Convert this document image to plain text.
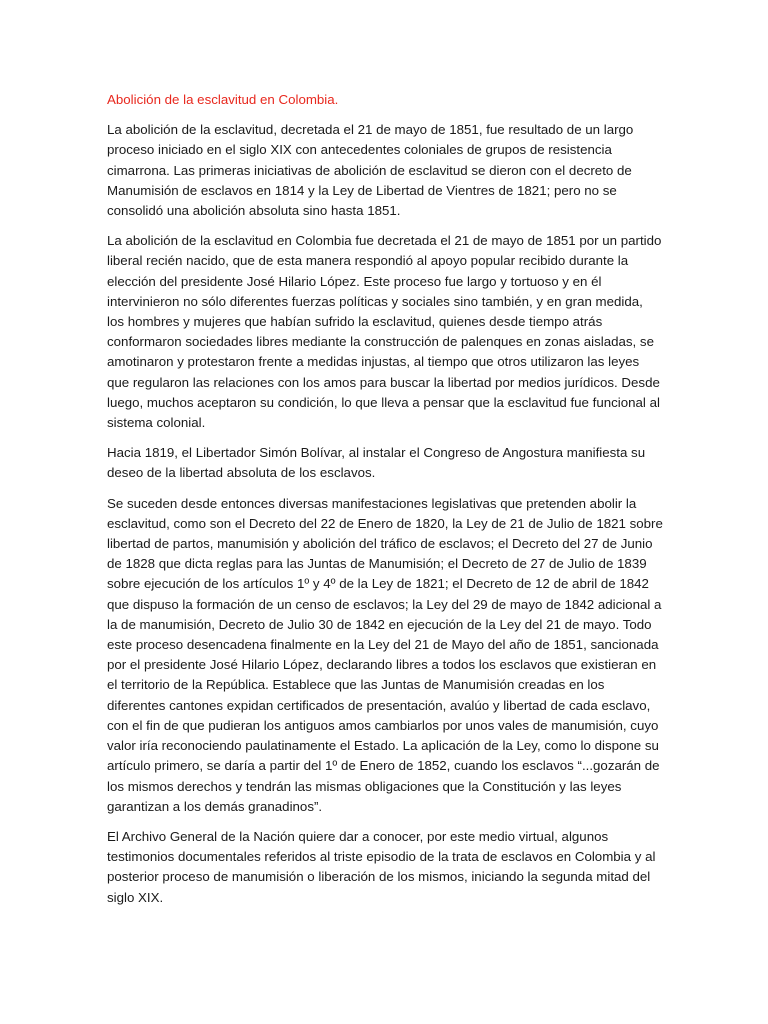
Abolición de la esclavitud en Colombia.

La abolición de la esclavitud, decretada el 21 de mayo de 1851, fue resultado de un largo proceso iniciado en el siglo XIX con antecedentes coloniales de grupos de resistencia cimarrona. Las primeras iniciativas de abolición de esclavitud se dieron con el decreto de Manumisión de esclavos en 1814 y la Ley de Libertad de Vientres de 1821; pero no se consolidó una abolición absoluta sino hasta 1851.

La abolición de la esclavitud en Colombia fue decretada el 21 de mayo de 1851 por un partido liberal recién nacido, que de esta manera respondió al apoyo popular recibido durante la elección del presidente José Hilario López. Este proceso fue largo y tortuoso y en él intervinieron no sólo diferentes fuerzas políticas y sociales sino también, y en gran medida, los hombres y mujeres que habían sufrido la esclavitud, quienes desde tiempo atrás conformaron sociedades libres mediante la construcción de palenques en zonas aisladas, se amotinaron y protestaron frente a medidas injustas, al tiempo que otros utilizaron las leyes que regularon las relaciones con los amos para buscar la libertad por medios jurídicos. Desde luego, muchos aceptaron su condición, lo que lleva a pensar que la esclavitud fue funcional al sistema colonial.

Hacia 1819, el Libertador Simón Bolívar, al instalar el Congreso de Angostura manifiesta su deseo de la libertad absoluta de los esclavos.

Se suceden desde entonces diversas manifestaciones legislativas que pretenden abolir la esclavitud, como son el Decreto del 22 de Enero de 1820, la Ley de 21 de Julio de 1821 sobre libertad de partos, manumisión y abolición del tráfico de esclavos; el Decreto del 27 de Junio de 1828 que dicta reglas para las Juntas de Manumisión; el Decreto de 27 de Julio de 1839 sobre ejecución de los artículos 1º y 4º de la Ley de 1821; el Decreto de 12 de abril de 1842 que dispuso la formación de un censo de esclavos; la Ley del 29 de mayo de 1842 adicional a la de manumisión, Decreto de Julio 30 de 1842 en ejecución de la Ley del 21 de mayo. Todo este proceso desencadena finalmente en la Ley del 21 de Mayo del año de 1851, sancionada por el presidente José Hilario López, declarando libres a todos los esclavos que existieran en el territorio de la República. Establece que las Juntas de Manumisión creadas en los diferentes cantones expidan certificados de presentación, avalúo y libertad de cada esclavo, con el fin de que pudieran los antiguos amos cambiarlos por unos vales de manumisión, cuyo valor iría reconociendo paulatinamente el Estado. La aplicación de la Ley, como lo dispone su artículo primero, se daría a partir del 1º de Enero de 1852, cuando los esclavos “...gozarán de los mismos derechos y tendrán las mismas obligaciones que la Constitución y las leyes garantizan a los demás granadinos”.

El Archivo General de la Nación quiere dar a conocer, por este medio virtual, algunos testimonios documentales referidos al triste episodio de la trata de esclavos en Colombia y al posterior proceso de manumisión o liberación de los mismos, iniciando la segunda mitad del siglo XIX.
